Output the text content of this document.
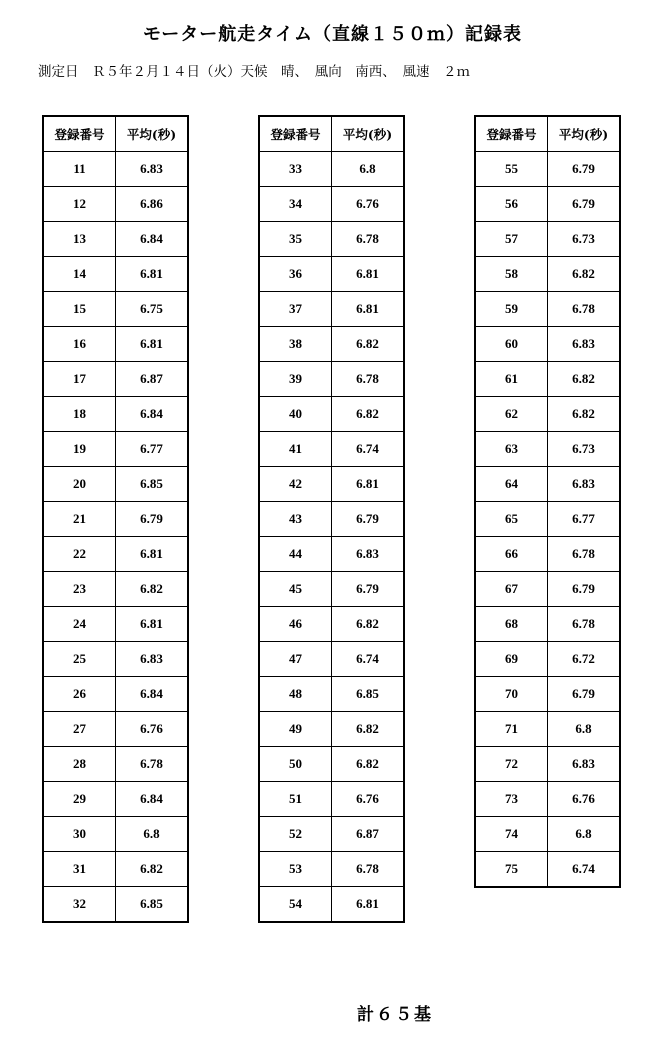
モーター航走タイム（直線１５０ｍ）記録表
測定日　Ｒ５年２月１４日（火）天候　晴、　風向　南西、　風速　２ｍ
登録番号	平均(秒)
11	6.83
12	6.86
13	6.84
14	6.81
15	6.75
16	6.81
17	6.87
18	6.84
19	6.77
20	6.85
21	6.79
22	6.81
23	6.82
24	6.81
25	6.83
26	6.84
27	6.76
28	6.78
29	6.84
30	6.8
31	6.82
32	6.85
登録番号	平均(秒)
33	6.8
34	6.76
35	6.78
36	6.81
37	6.81
38	6.82
39	6.78
40	6.82
41	6.74
42	6.81
43	6.79
44	6.83
45	6.79
46	6.82
47	6.74
48	6.85
49	6.82
50	6.82
51	6.76
52	6.87
53	6.78
54	6.81
登録番号	平均(秒)
55	6.79
56	6.79
57	6.73
58	6.82
59	6.78
60	6.83
61	6.82
62	6.82
63	6.73
64	6.83
65	6.77
66	6.78
67	6.79
68	6.78
69	6.72
70	6.79
71	6.8
72	6.83
73	6.76
74	6.8
75	6.74
計６５基
